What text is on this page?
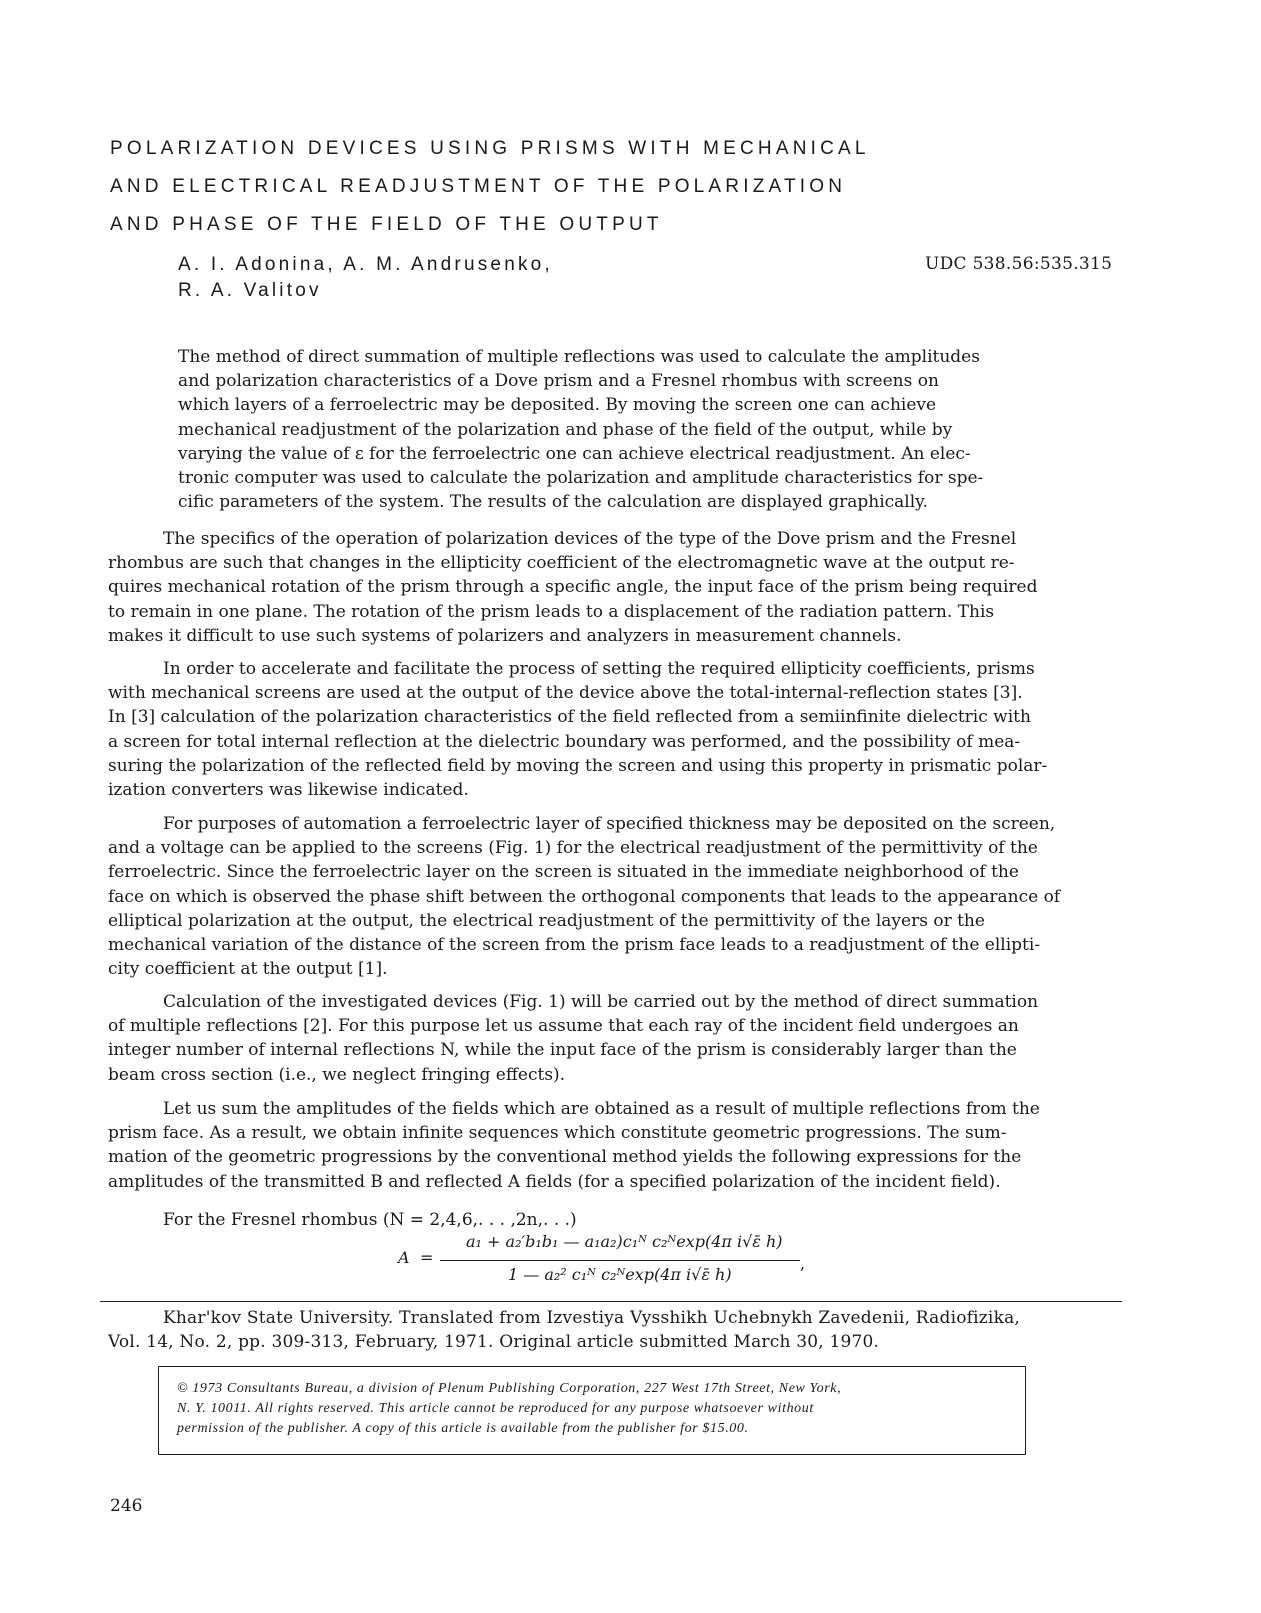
POLARIZATION DEVICES USING PRISMS WITH MECHANICAL
AND ELECTRICAL READJUSTMENT OF THE POLARIZATION
AND PHASE OF THE FIELD OF THE OUTPUT
A. I. Adonina, A. M. Andrusenko,
R. A. Valitov
UDC 538.56:535.315
The method of direct summation of multiple reflections was used to calculate the amplitudes
and polarization characteristics of a Dove prism and a Fresnel rhombus with screens on
which layers of a ferroelectric may be deposited. By moving the screen one can achieve
mechanical readjustment of the polarization and phase of the field of the output, while by
varying the value of ε for the ferroelectric one can achieve electrical readjustment. An elec-
tronic computer was used to calculate the polarization and amplitude characteristics for spe-
cific parameters of the system. The results of the calculation are displayed graphically.
The specifics of the operation of polarization devices of the type of the Dove prism and the Fresnel
rhombus are such that changes in the ellipticity coefficient of the electromagnetic wave at the output re-
quires mechanical rotation of the prism through a specific angle, the input face of the prism being required
to remain in one plane. The rotation of the prism leads to a displacement of the radiation pattern. This
makes it difficult to use such systems of polarizers and analyzers in measurement channels.
In order to accelerate and facilitate the process of setting the required ellipticity coefficients, prisms
with mechanical screens are used at the output of the device above the total-internal-reflection states [3].
In [3] calculation of the polarization characteristics of the field reflected from a semiinfinite dielectric with
a screen for total internal reflection at the dielectric boundary was performed, and the possibility of mea-
suring the polarization of the reflected field by moving the screen and using this property in prismatic polar-
ization converters was likewise indicated.
For purposes of automation a ferroelectric layer of specified thickness may be deposited on the screen,
and a voltage can be applied to the screens (Fig. 1) for the electrical readjustment of the permittivity of the
ferroelectric. Since the ferroelectric layer on the screen is situated in the immediate neighborhood of the
face on which is observed the phase shift between the orthogonal components that leads to the appearance of
elliptical polarization at the output, the electrical readjustment of the permittivity of the layers or the
mechanical variation of the distance of the screen from the prism face leads to a readjustment of the ellipti-
city coefficient at the output [1].
Calculation of the investigated devices (Fig. 1) will be carried out by the method of direct summation
of multiple reflections [2]. For this purpose let us assume that each ray of the incident field undergoes an
integer number of internal reflections N, while the input face of the prism is considerably larger than the
beam cross section (i.e., we neglect fringing effects).
Let us sum the amplitudes of the fields which are obtained as a result of multiple reflections from the
prism face. As a result, we obtain infinite sequences which constitute geometric progressions. The sum-
mation of the geometric progressions by the conventional method yields the following expressions for the
amplitudes of the transmitted B and reflected A fields (for a specified polarization of the incident field).
For the Fresnel rhombus (N = 2,4,6,. . . ,2n,. . .)
A =
a₁ + a₂′b₁b₁ — a₁a₂)c₁ᴺ c₂ᴺexp(4π i√ε̄ h)
1 — a₂² c₁ᴺ c₂ᴺexp(4π i√ε̄ h)
,
Khar'kov State University. Translated from Izvestiya Vysshikh Uchebnykh Zavedenii, Radiofizika,
Vol. 14, No. 2, pp. 309-313, February, 1971. Original article submitted March 30, 1970.
© 1973 Consultants Bureau, a division of Plenum Publishing Corporation, 227 West 17th Street, New York,
N. Y. 10011. All rights reserved. This article cannot be reproduced for any purpose whatsoever without
permission of the publisher. A copy of this article is available from the publisher for $15.00.
246
